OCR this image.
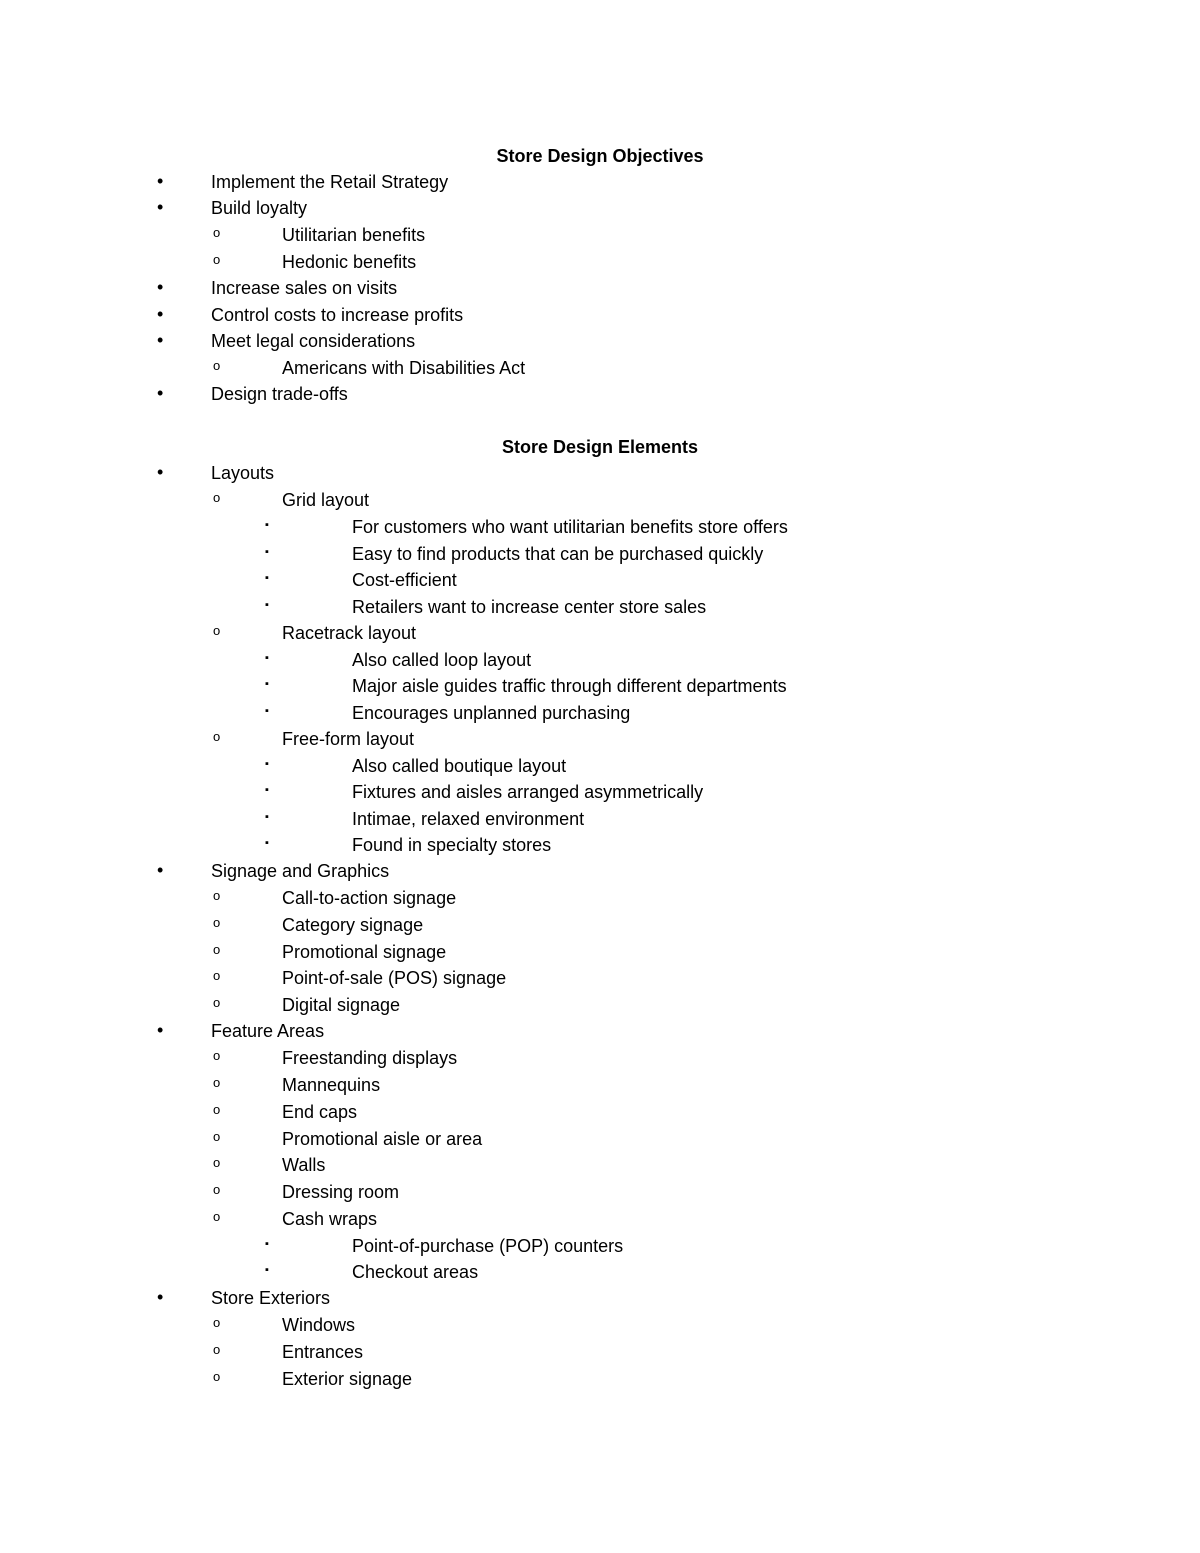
Store Design Objectives
•	Implement the Retail Strategy
•	Build loyalty
o	Utilitarian benefits
o	Hedonic benefits
•	Increase sales on visits
•	Control costs to increase profits
•	Meet legal considerations
o	Americans with Disabilities Act
•	Design trade-offs
Store Design Elements
•	Layouts
o	Grid layout
▪	For customers who want utilitarian benefits store offers
▪	Easy to find products that can be purchased quickly
▪	Cost-efficient
▪	Retailers want to increase center store sales
o	Racetrack layout
▪	Also called loop layout
▪	Major aisle guides traffic through different departments
▪	Encourages unplanned purchasing
o	Free-form layout
▪	Also called boutique layout
▪	Fixtures and aisles arranged asymmetrically
▪	Intimae, relaxed environment
▪	Found in specialty stores
•	Signage and Graphics
o	Call-to-action signage
o	Category signage
o	Promotional signage
o	Point-of-sale (POS) signage
o	Digital signage
•	Feature Areas
o	Freestanding displays
o	Mannequins
o	End caps
o	Promotional aisle or area
o	Walls
o	Dressing room
o	Cash wraps
▪	Point-of-purchase (POP) counters
▪	Checkout areas
•	Store Exteriors
o	Windows
o	Entrances
o	Exterior signage
